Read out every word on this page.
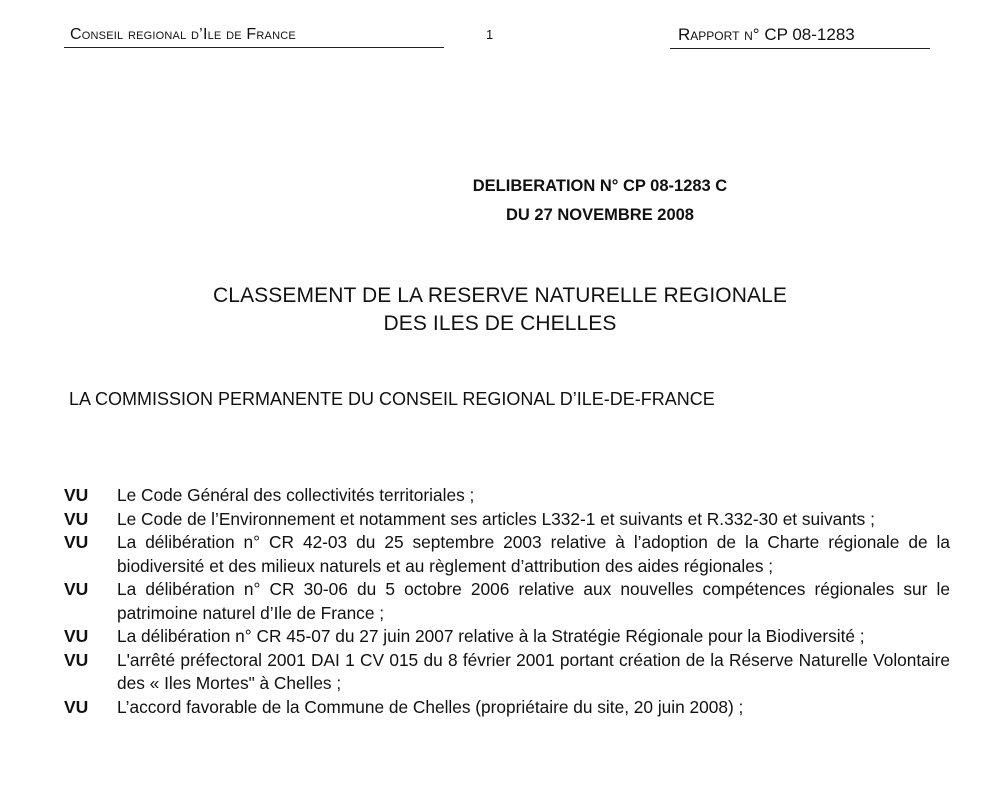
Conseil regional d’Ile de France	1	Rapport n° CP 08-1283
DELIBERATION N° CP 08-1283 C
DU 27 NOVEMBRE 2008
CLASSEMENT DE LA RESERVE NATURELLE REGIONALE
DES ILES DE CHELLES
LA COMMISSION PERMANENTE DU CONSEIL REGIONAL D’ILE-DE-FRANCE
VU Le Code Général des collectivités territoriales ;
VU Le Code de l’Environnement et notamment ses articles L332-1 et suivants et R.332-30 et suivants ;
VU La délibération n° CR 42-03 du 25 septembre 2003 relative à l’adoption de la Charte régionale de la biodiversité et des milieux naturels et au règlement d’attribution des aides régionales ;
VU La délibération n° CR 30-06 du 5 octobre 2006 relative aux nouvelles compétences régionales sur le patrimoine naturel d’Ile de France ;
VU La délibération n° CR 45-07 du 27 juin 2007 relative à la Stratégie Régionale pour la Biodiversité ;
VU L'arrêté préfectoral 2001 DAI 1 CV 015 du 8 février 2001 portant création de la Réserve Naturelle Volontaire des « Iles Mortes" à Chelles ;
VU L’accord favorable de la Commune de Chelles (propriétaire du site, 20 juin 2008) ;
